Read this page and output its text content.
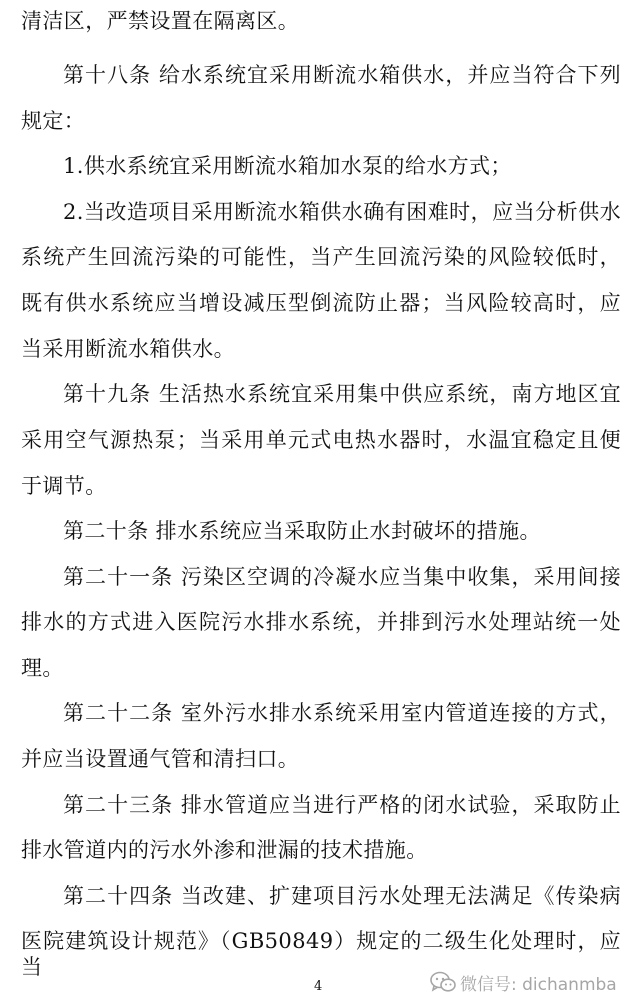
清洁区，严禁设置在隔离区。
第十八条 给水系统宜采用断流水箱供水，并应当符合下列
规定：
1.供水系统宜采用断流水箱加水泵的给水方式；
2.当改造项目采用断流水箱供水确有困难时，应当分析供水
系统产生回流污染的可能性，当产生回流污染的风险较低时，
既有供水系统应当增设减压型倒流防止器；当风险较高时，应
当采用断流水箱供水。
第十九条 生活热水系统宜采用集中供应系统，南方地区宜
采用空气源热泵；当采用单元式电热水器时，水温宜稳定且便
于调节。
第二十条 排水系统应当采取防止水封破坏的措施。
第二十一条 污染区空调的冷凝水应当集中收集，采用间接
排水的方式进入医院污水排水系统，并排到污水处理站统一处
理。
第二十二条 室外污水排水系统采用室内管道连接的方式，
并应当设置通气管和清扫口。
第二十三条 排水管道应当进行严格的闭水试验，采取防止
排水管道内的污水外渗和泄漏的技术措施。
第二十四条 当改建、扩建项目污水处理无法满足《传染病
医院建筑设计规范》（GB50849）规定的二级生化处理时，应当
4	微信号: dichanmba
